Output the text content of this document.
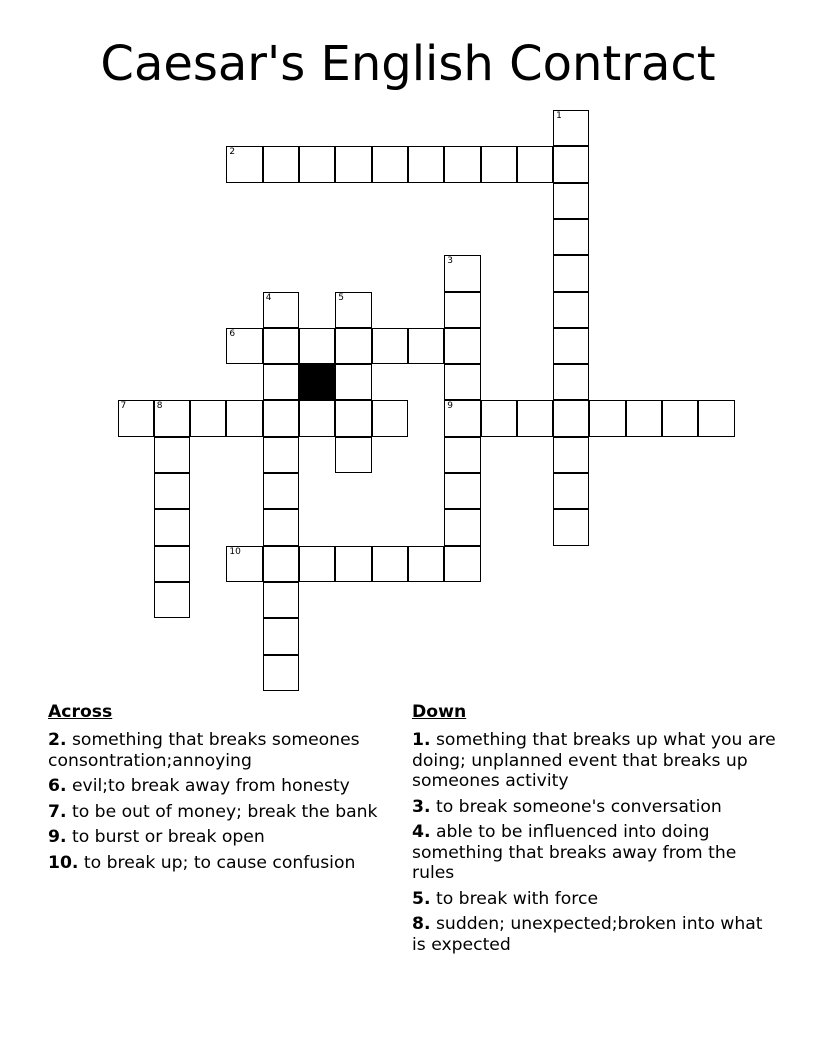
Caesar's English Contract
2
6
7	8	9
10
1
3
4	5
Across
2. something that breaks someones consontration;annoying
6. evil;to break away from honesty
7. to be out of money; break the bank
9. to burst or break open
10. to break up; to cause confusion
Down
1. something that breaks up what you are doing; unplanned event that breaks up someones activity
3. to break someone's conversation
4. able to be influenced into doing something that breaks away from the rules
5. to break with force
8. sudden; unexpected;broken into what is expected
